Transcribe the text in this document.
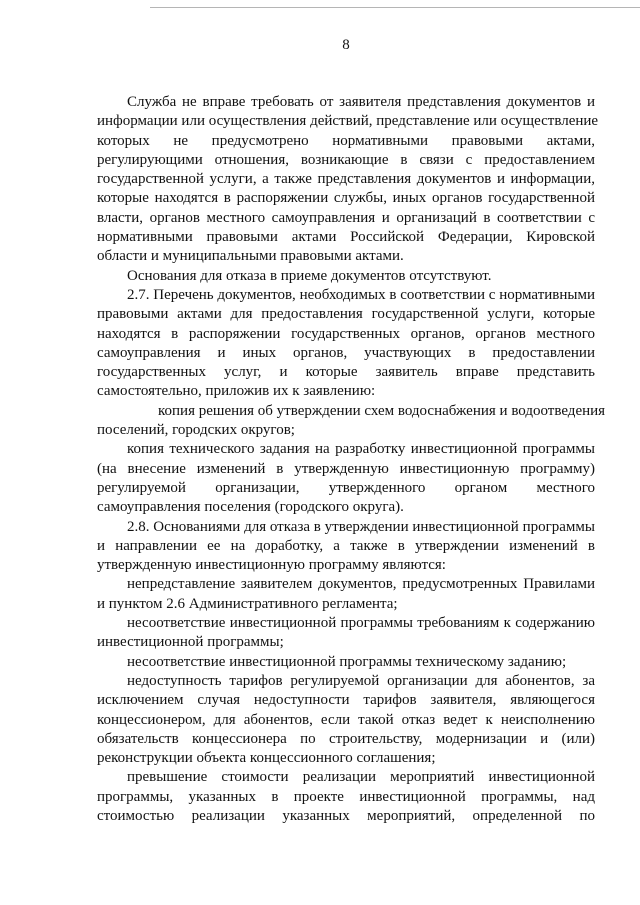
8
Служба не вправе требовать от заявителя представления документов и
информации или осуществления действий, представление или осуществление
которых не предусмотрено нормативными правовыми актами,
регулирующими отношения, возникающие в связи с предоставлением
государственной услуги, а также представления документов и информации,
которые находятся в распоряжении службы, иных органов государственной
власти, органов местного самоуправления и организаций в соответствии с
нормативными правовыми актами Российской Федерации, Кировской
области и муниципальными правовыми актами.
Основания для отказа в приеме документов отсутствуют.
2.7. Перечень документов, необходимых в соответствии с нормативными
правовыми актами для предоставления государственной услуги, которые
находятся в распоряжении государственных органов, органов местного
самоуправления и иных органов, участвующих в предоставлении
государственных услуг, и которые заявитель вправе представить
самостоятельно, приложив их к заявлению:
копия решения об утверждении схем водоснабжения и водоотведения
поселений, городских округов;
копия технического задания на разработку инвестиционной программы
(на внесение изменений в утвержденную инвестиционную программу)
регулируемой организации, утвержденного органом местного
самоуправления поселения (городского округа).
2.8. Основаниями для отказа в утверждении инвестиционной программы
и направлении ее на доработку, а также в утверждении изменений в
утвержденную инвестиционную программу являются:
непредставление заявителем документов, предусмотренных Правилами
и пунктом 2.6 Административного регламента;
несоответствие инвестиционной программы требованиям к содержанию
инвестиционной программы;
несоответствие инвестиционной программы техническому заданию;
недоступность тарифов регулируемой организации для абонентов, за
исключением случая недоступности тарифов заявителя, являющегося
концессионером, для абонентов, если такой отказ ведет к неисполнению
обязательств концессионера по строительству, модернизации и (или)
реконструкции объекта концессионного соглашения;
превышение стоимости реализации мероприятий инвестиционной
программы, указанных в проекте инвестиционной программы, над
стоимостью реализации указанных мероприятий, определенной по
